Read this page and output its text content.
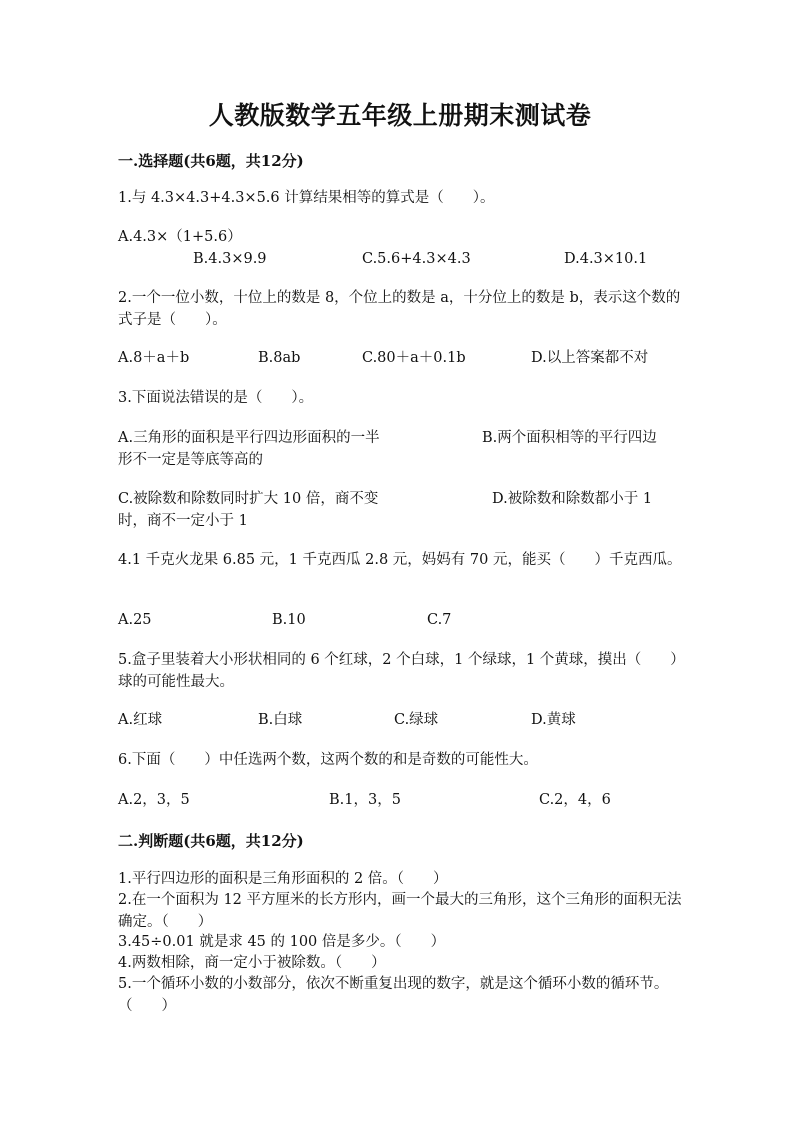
人教版数学五年级上册期末测试卷
一.选择题(共6题，共12分)
1.与 4.3×4.3+4.3×5.6 计算结果相等的算式是（　　）。
A.4.3×（1+5.6）
B.4.3×9.9	C.5.6+4.3×4.3	D.4.3×10.1
2.一个一位小数，十位上的数是 8，个位上的数是 a，十分位上的数是 b，表示这个数的式子是（　　）。
A.8＋a＋b	B.8ab	C.80＋a＋0.1b	D.以上答案都不对
3.下面说法错误的是（　　）。
A.三角形的面积是平行四边形面积的一半	B.两个面积相等的平行四边
形不一定是等底等高的
C.被除数和除数同时扩大 10 倍，商不变	D.被除数和除数都小于 1
时，商不一定小于 1
4.1 千克火龙果 6.85 元，1 千克西瓜 2.8 元，妈妈有 70 元，能买（　　）千克西瓜。
A.25	B.10	C.7
5.盒子里装着大小形状相同的 6 个红球，2 个白球，1 个绿球，1 个黄球，摸出（　　）球的可能性最大。
A.红球	B.白球	C.绿球	D.黄球
6.下面（　　）中任选两个数，这两个数的和是奇数的可能性大。
A.2，3，5	B.1，3，5	C.2，4，6
二.判断题(共6题，共12分)
1.平行四边形的面积是三角形面积的 2 倍。（　　）
2.在一个面积为 12 平方厘米的长方形内，画一个最大的三角形，这个三角形的面积无法确定。（　　）
3.45÷0.01 就是求 45 的 100 倍是多少。（　　）
4.两数相除，商一定小于被除数。（　　）
5.一个循环小数的小数部分，依次不断重复出现的数字，就是这个循环小数的循环节。（　　）
